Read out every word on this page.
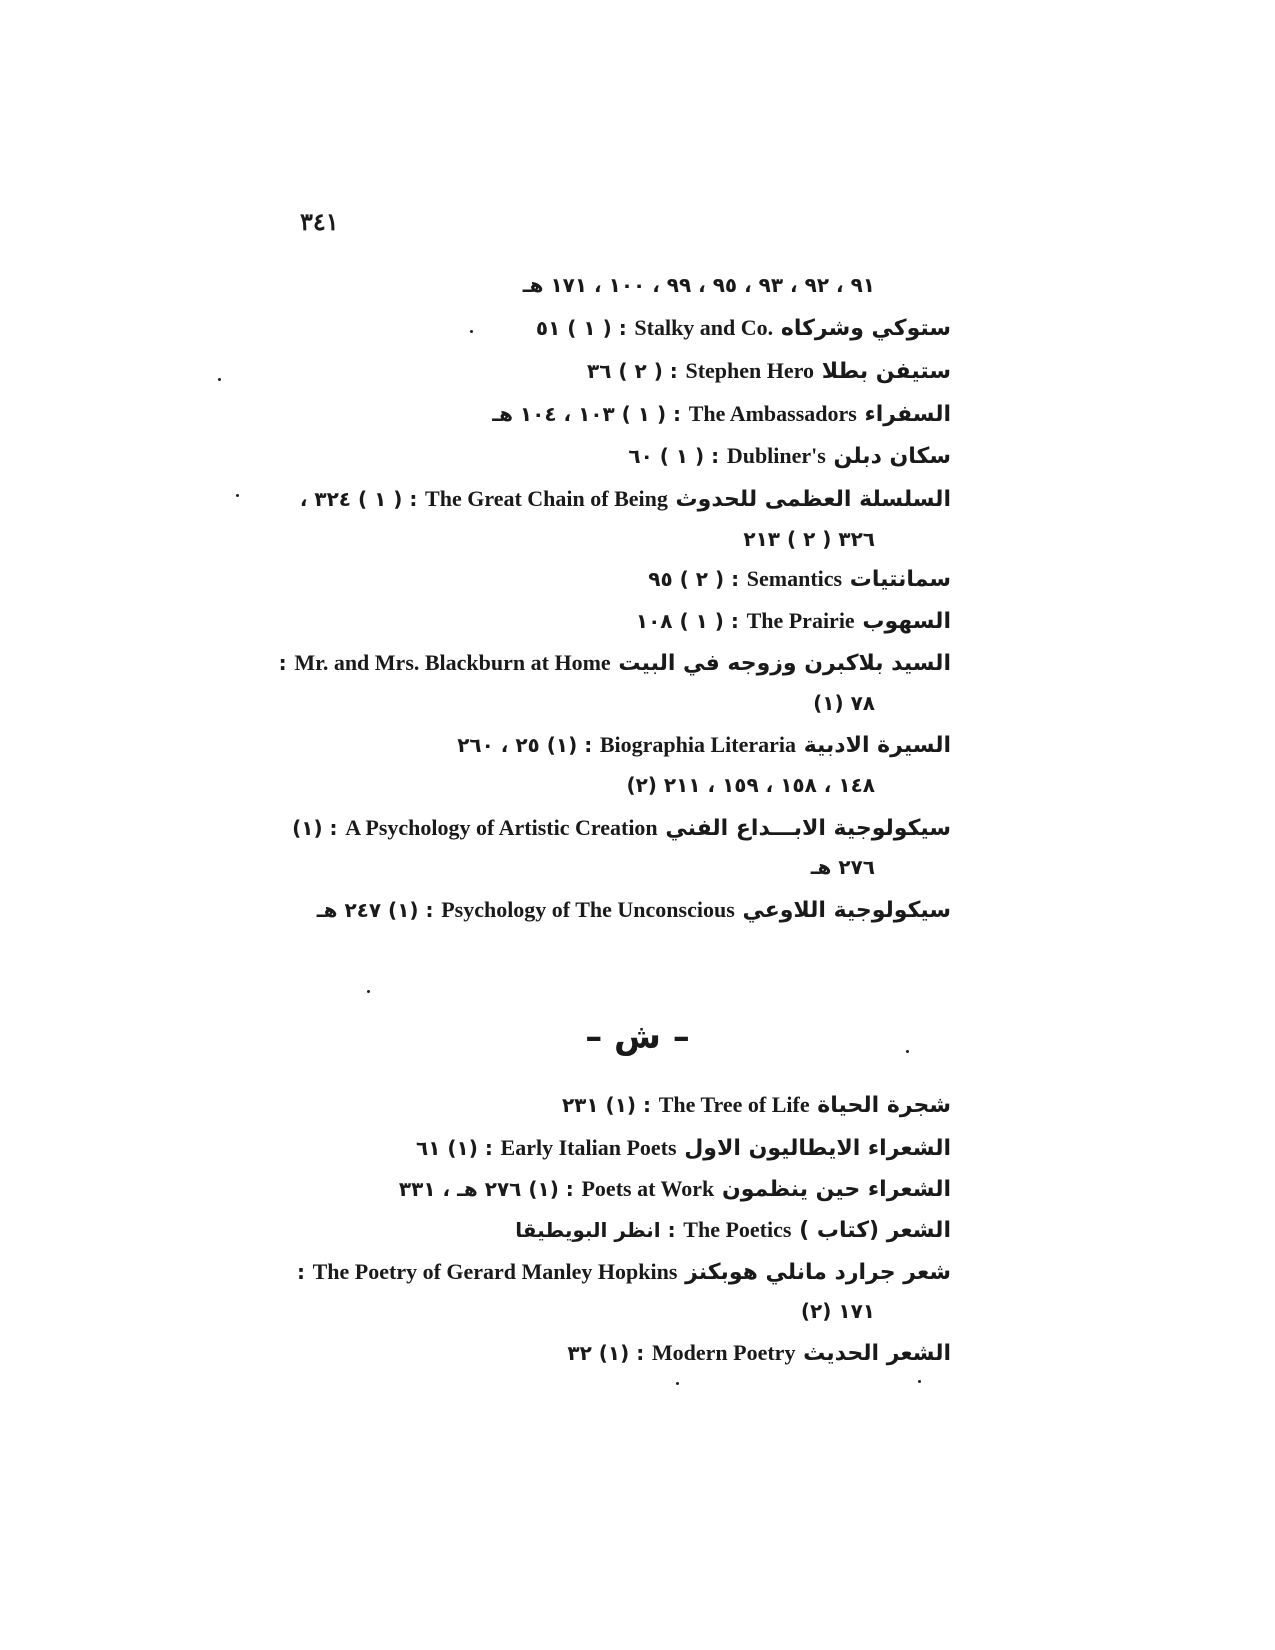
٣٤١
٩١ ، ٩٢ ، ٩٣ ، ٩٥ ، ٩٩ ، ١٠٠ ، ١٧١ هـ
ستوكي وشركاه Stalky and Co. : ( ١ ) ٥١
ستيفن بطلا Stephen Hero : ( ٢ ) ٣٦
السفراء The Ambassadors : ( ١ ) ١٠٣ ، ١٠٤ هـ
سكان دبلن Dubliner's : ( ١ ) ٦٠
السلسلة العظمى للحدوث The Great Chain of Being : ( ١ ) ٣٢٤ ،
٣٢٦ ( ٢ ) ٢١٣
سمانتيات Semantics : ( ٢ ) ٩٥
السهوب The Prairie : ( ١ ) ١٠٨
السيد بلاكبرن وزوجه في البيت Mr. and Mrs. Blackburn at Home :
(١) ٧٨
السيرة الادبية Biographia Literaria : (١) ٢٥ ، ٢٦٠
(٢) ١٤٨ ، ١٥٨ ، ١٥٩ ، ٢١١
سيكولوجية الابـــداع الفني A Psychology of Artistic Creation : (١)
٢٧٦ هـ
سيكولوجية اللاوعي Psychology of The Unconscious : (١) ٢٤٧ هـ
– ش –
شجرة الحياة The Tree of Life : (١) ٢٣١
الشعراء الايطاليون الاول Early Italian Poets : (١) ٦١
الشعراء حين ينظمون Poets at Work : (١) ٢٧٦ هـ ، ٣٣١
الشعر (كتاب ) The Poetics : انظر البويطيقا
شعر جرارد مانلي هوبكنز The Poetry of Gerard Manley Hopkins :
(٢) ١٧١
الشعر الحديث Modern Poetry : (١) ٣٢
